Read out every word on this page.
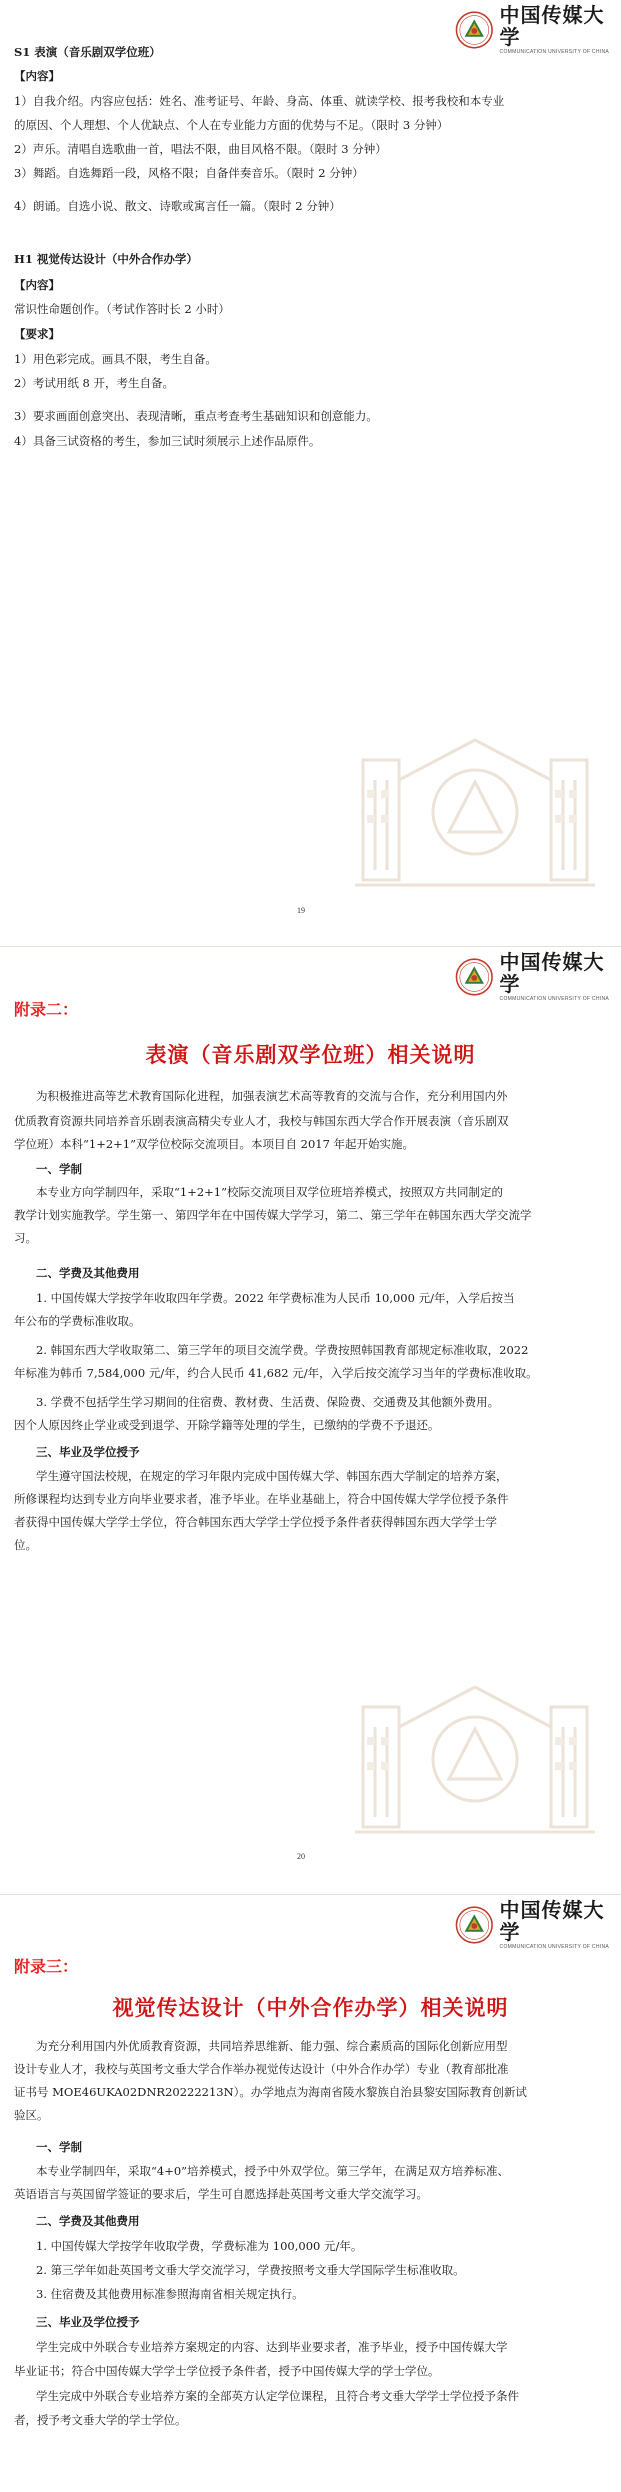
中国传媒大学
COMMUNICATION UNIVERSITY OF CHINA
S1 表演（音乐剧双学位班）
【内容】
1）自我介绍。内容应包括：姓名、准考证号、年龄、身高、体重、就读学校、报考我校和本专业
的原因、个人理想、个人优缺点、个人在专业能力方面的优势与不足。（限时 3 分钟）
2）声乐。清唱自选歌曲一首，唱法不限，曲目风格不限。（限时 3 分钟）
3）舞蹈。自选舞蹈一段，风格不限；自备伴奏音乐。（限时 2 分钟）
4）朗诵。自选小说、散文、诗歌或寓言任一篇。（限时 2 分钟）
H1 视觉传达设计（中外合作办学）
【内容】
常识性命题创作。（考试作答时长 2 小时）
【要求】
1）用色彩完成。画具不限，考生自备。
2）考试用纸 8 开，考生自备。
3）要求画面创意突出、表现清晰，重点考查考生基础知识和创意能力。
4）具备三试资格的考生，参加三试时须展示上述作品原件。
19
中国传媒大学
COMMUNICATION UNIVERSITY OF CHINA
附录二：
表演（音乐剧双学位班）相关说明
为积极推进高等艺术教育国际化进程，加强表演艺术高等教育的交流与合作，充分利用国内外
优质教育资源共同培养音乐剧表演高精尖专业人才，我校与韩国东西大学合作开展表演（音乐剧双
学位班）本科“1+2+1”双学位校际交流项目。本项目自 2017 年起开始实施。
一、学制
本专业方向学制四年，采取“1+2+1”校际交流项目双学位班培养模式，按照双方共同制定的
教学计划实施教学。学生第一、第四学年在中国传媒大学学习，第二、第三学年在韩国东西大学交流学
习。
二、学费及其他费用
1. 中国传媒大学按学年收取四年学费。2022 年学费标准为人民币 10,000 元/年，入学后按当
年公布的学费标准收取。
2. 韩国东西大学收取第二、第三学年的项目交流学费。学费按照韩国教育部规定标准收取，2022
年标准为韩币 7,584,000 元/年，约合人民币 41,682 元/年，入学后按交流学习当年的学费标准收取。
3. 学费不包括学生学习期间的住宿费、教材费、生活费、保险费、交通费及其他额外费用。
因个人原因终止学业或受到退学、开除学籍等处理的学生，已缴纳的学费不予退还。
三、毕业及学位授予
学生遵守国法校规，在规定的学习年限内完成中国传媒大学、韩国东西大学制定的培养方案，
所修课程均达到专业方向毕业要求者，准予毕业。在毕业基础上，符合中国传媒大学学位授予条件
者获得中国传媒大学学士学位，符合韩国东西大学学士学位授予条件者获得韩国东西大学学士学
位。
20
中国传媒大学
COMMUNICATION UNIVERSITY OF CHINA
附录三：
视觉传达设计（中外合作办学）相关说明
为充分利用国内外优质教育资源，共同培养思维新、能力强、综合素质高的国际化创新应用型
设计专业人才，我校与英国考文垂大学合作举办视觉传达设计（中外合作办学）专业（教育部批准
证书号 MOE46UKA02DNR20222213N）。办学地点为海南省陵水黎族自治县黎安国际教育创新试
验区。
一、学制
本专业学制四年，采取“4+0”培养模式，授予中外双学位。第三学年，在满足双方培养标准、
英语语言与英国留学签证的要求后，学生可自愿选择赴英国考文垂大学交流学习。
二、学费及其他费用
1. 中国传媒大学按学年收取学费，学费标准为 100,000 元/年。
2. 第三学年如赴英国考文垂大学交流学习，学费按照考文垂大学国际学生标准收取。
3. 住宿费及其他费用标准参照海南省相关规定执行。
三、毕业及学位授予
学生完成中外联合专业培养方案规定的内容、达到毕业要求者，准予毕业，授予中国传媒大学
毕业证书；符合中国传媒大学学士学位授予条件者，授予中国传媒大学的学士学位。
学生完成中外联合专业培养方案的全部英方认定学位课程，且符合考文垂大学学士学位授予条件
者，授予考文垂大学的学士学位。
